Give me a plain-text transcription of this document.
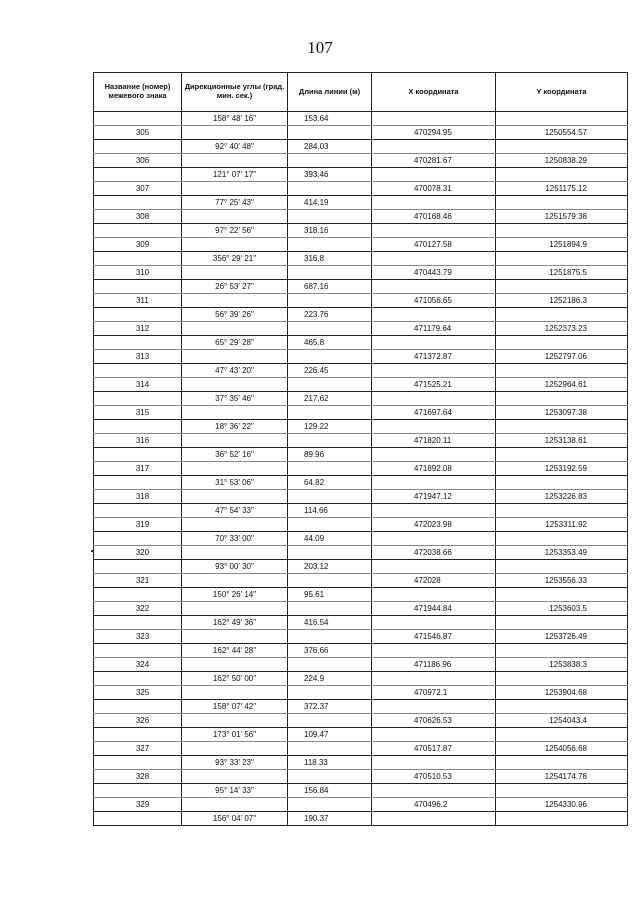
107
Название (номер) межевого знака	Дирекционные углы (град. мин. сек.)	Длина линии (м)	X координата	Y координата
	158° 48' 16"	153.64		
305			470294.95	1250554.57
	92° 40' 48"	284.03		
306			470281.67	1250838.29
	121° 07' 17"	393.46		
307			470078.31	1251175.12
	77° 25' 43"	414.19		
308			470168.46	1251579.38
	97° 22' 56"	318.16		
309			470127.58	1251894.9
	356° 29' 21"	316.8		
310			470443.79	1251875.5
	26° 53' 27"	687.16		
311			471056.65	1252186.3
	56° 39' 26"	223.76		
312			471179.64	1252373.23
	65° 29' 28"	465.8		
313			471372.87	1252797.06
	47° 43' 20"	226.45		
314			471525.21	1252964.61
	37° 35' 46"	217.62		
315			471697.64	1253097.38
	18° 36' 22"	129.22		
316			471820.11	1253138.61
	36° 52' 16"	89.96		
317			471892.08	1253192.59
	31° 53' 06"	64.82		
318			471947.12	1253226.83
	47° 54' 33"	114.66		
319			472023.98	1253311.92
	70° 33' 00"	44.09		
320			472038.66	1253353.49
	93° 00' 30"	203.12		
321			472028	1253556.33
	150° 26' 14"	95.61		
322			471944.84	1253603.5
	162° 49' 36"	416.54		
323			471546.87	1253726.49
	162° 44' 28"	376.66		
324			471186.96	1253838.3
	162° 50' 00"	224.9		
325			470972.1	1253904.68
	158° 07' 42"	372.37		
326			470626.53	1254043.4
	173° 01' 56"	109.47		
327			470517.87	1254056.68
	93° 33' 23"	118.33		
328			470510.53	1254174.78
	95° 14' 33"	156.84		
329			470496.2	1254330.96
	156° 04' 07"	190.37		
